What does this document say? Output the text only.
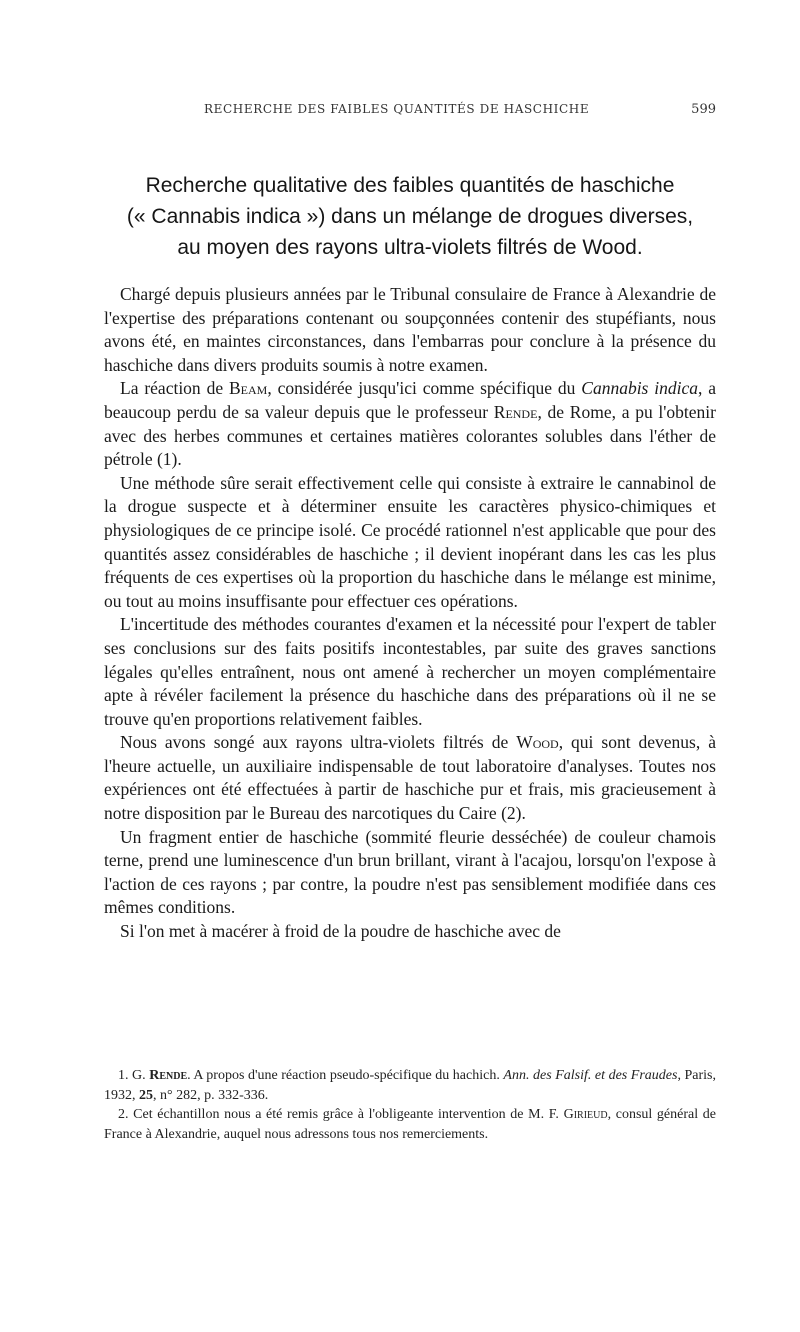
RECHERCHE DES FAIBLES QUANTITÉS DE HASCHICHE	599
Recherche qualitative des faibles quantités de haschiche
(« Cannabis indica ») dans un mélange de drogues diverses,
au moyen des rayons ultra-violets filtrés de Wood.

Chargé depuis plusieurs années par le Tribunal consulaire de France à Alexandrie de l'expertise des préparations contenant ou soupçonnées contenir des stupéfiants, nous avons été, en maintes circonstances, dans l'embarras pour conclure à la présence du haschiche dans divers produits soumis à notre examen.

La réaction de Beam, considérée jusqu'ici comme spécifique du Cannabis indica, a beaucoup perdu de sa valeur depuis que le professeur Rende, de Rome, a pu l'obtenir avec des herbes communes et certaines matières colorantes solubles dans l'éther de pétrole (1).

Une méthode sûre serait effectivement celle qui consiste à extraire le cannabinol de la drogue suspecte et à déterminer ensuite les caractères physico-chimiques et physiologiques de ce principe isolé. Ce procédé rationnel n'est applicable que pour des quantités assez considérables de haschiche ; il devient inopérant dans les cas les plus fréquents de ces expertises où la proportion du haschiche dans le mélange est minime, ou tout au moins insuffisante pour effectuer ces opérations.

L'incertitude des méthodes courantes d'examen et la nécessité pour l'expert de tabler ses conclusions sur des faits positifs incontestables, par suite des graves sanctions légales qu'elles entraînent, nous ont amené à rechercher un moyen complémentaire apte à révéler facilement la présence du haschiche dans des préparations où il ne se trouve qu'en proportions relativement faibles.

Nous avons songé aux rayons ultra-violets filtrés de Wood, qui sont devenus, à l'heure actuelle, un auxiliaire indispensable de tout laboratoire d'analyses. Toutes nos expériences ont été effectuées à partir de haschiche pur et frais, mis gracieusement à notre disposition par le Bureau des narcotiques du Caire (2).

Un fragment entier de haschiche (sommité fleurie desséchée) de couleur chamois terne, prend une luminescence d'un brun brillant, virant à l'acajou, lorsqu'on l'expose à l'action de ces rayons ; par contre, la poudre n'est pas sensiblement modifiée dans ces mêmes conditions.

Si l'on met à macérer à froid de la poudre de haschiche avec de

1. G. Rende. A propos d'une réaction pseudo-spécifique du hachich. Ann. des Falsif. et des Fraudes, Paris, 1932, 25, n° 282, p. 332-336.

2. Cet échantillon nous a été remis grâce à l'obligeante intervention de M. F. Girieud, consul général de France à Alexandrie, auquel nous adressons tous nos remerciements.
